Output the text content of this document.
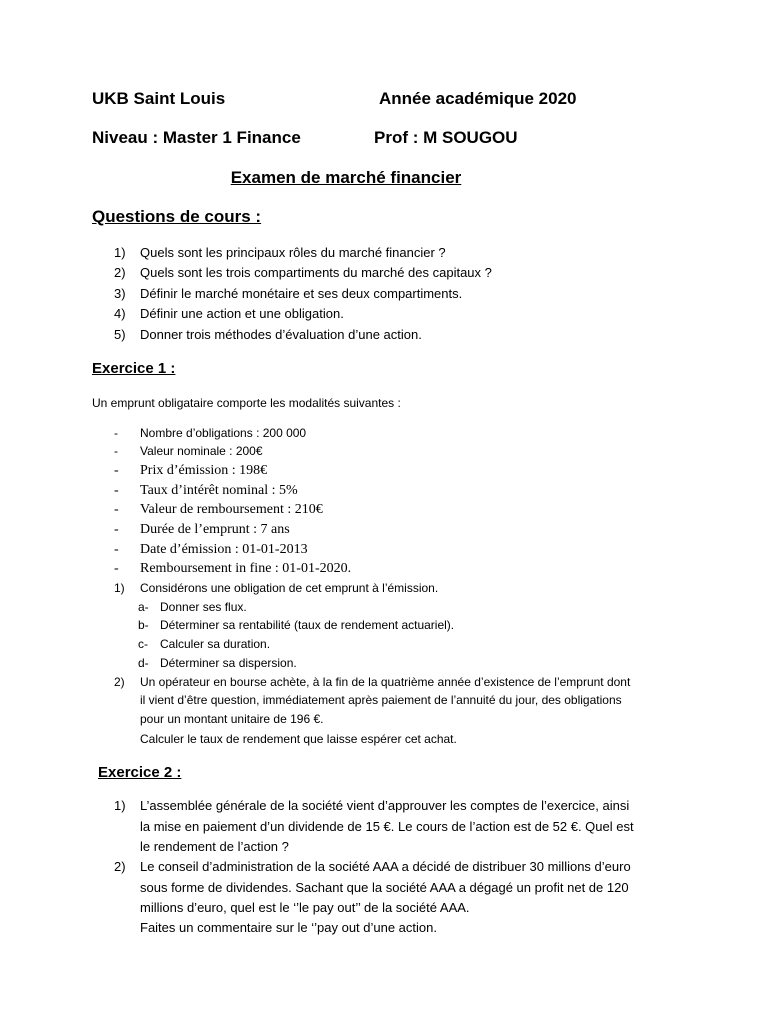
UKB Saint Louis	Année académique 2020
Niveau : Master 1 Finance	Prof : M SOUGOU
Examen de marché financier
Questions de cours :
1) Quels sont les principaux rôles du marché financier ?
2) Quels sont les trois compartiments du marché des capitaux ?
3) Définir le marché monétaire et ses deux compartiments.
4) Définir une action et une obligation.
5) Donner trois méthodes d’évaluation d’une action.
Exercice 1 :
Un emprunt obligataire comporte les modalités suivantes :
- Nombre d’obligations : 200 000
- Valeur nominale : 200€
- Prix d’émission : 198€
- Taux d’intérêt nominal : 5%
- Valeur de remboursement : 210€
- Durée de l’emprunt : 7 ans
- Date d’émission : 01-01-2013
- Remboursement in fine : 01-01-2020.
1) Considérons une obligation de cet emprunt à l’émission.
a- Donner ses flux.
b- Déterminer sa rentabilité (taux de rendement actuariel).
c- Calculer sa duration.
d- Déterminer sa dispersion.
2) Un opérateur en bourse achète, à la fin de la quatrième année d’existence de l’emprunt dont
il vient d’être question, immédiatement après paiement de l’annuité du jour, des obligations
pour un montant unitaire de 196 €.
Calculer le taux de rendement que laisse espérer cet achat.
Exercice 2 :
1) L’assemblée générale de la société vient d’approuver les comptes de l’exercice, ainsi
la mise en paiement d’un dividende de 15 €. Le cours de l’action est de 52 €. Quel est
le rendement de l’action ?
2) Le conseil d’administration de la société AAA a décidé de distribuer 30 millions d’euro
sous forme de dividendes. Sachant que la société AAA a dégagé un profit net de 120
millions d’euro, quel est le ‘’le pay out’’ de la société AAA.
Faites un commentaire sur le ‘’pay out d’une action.
